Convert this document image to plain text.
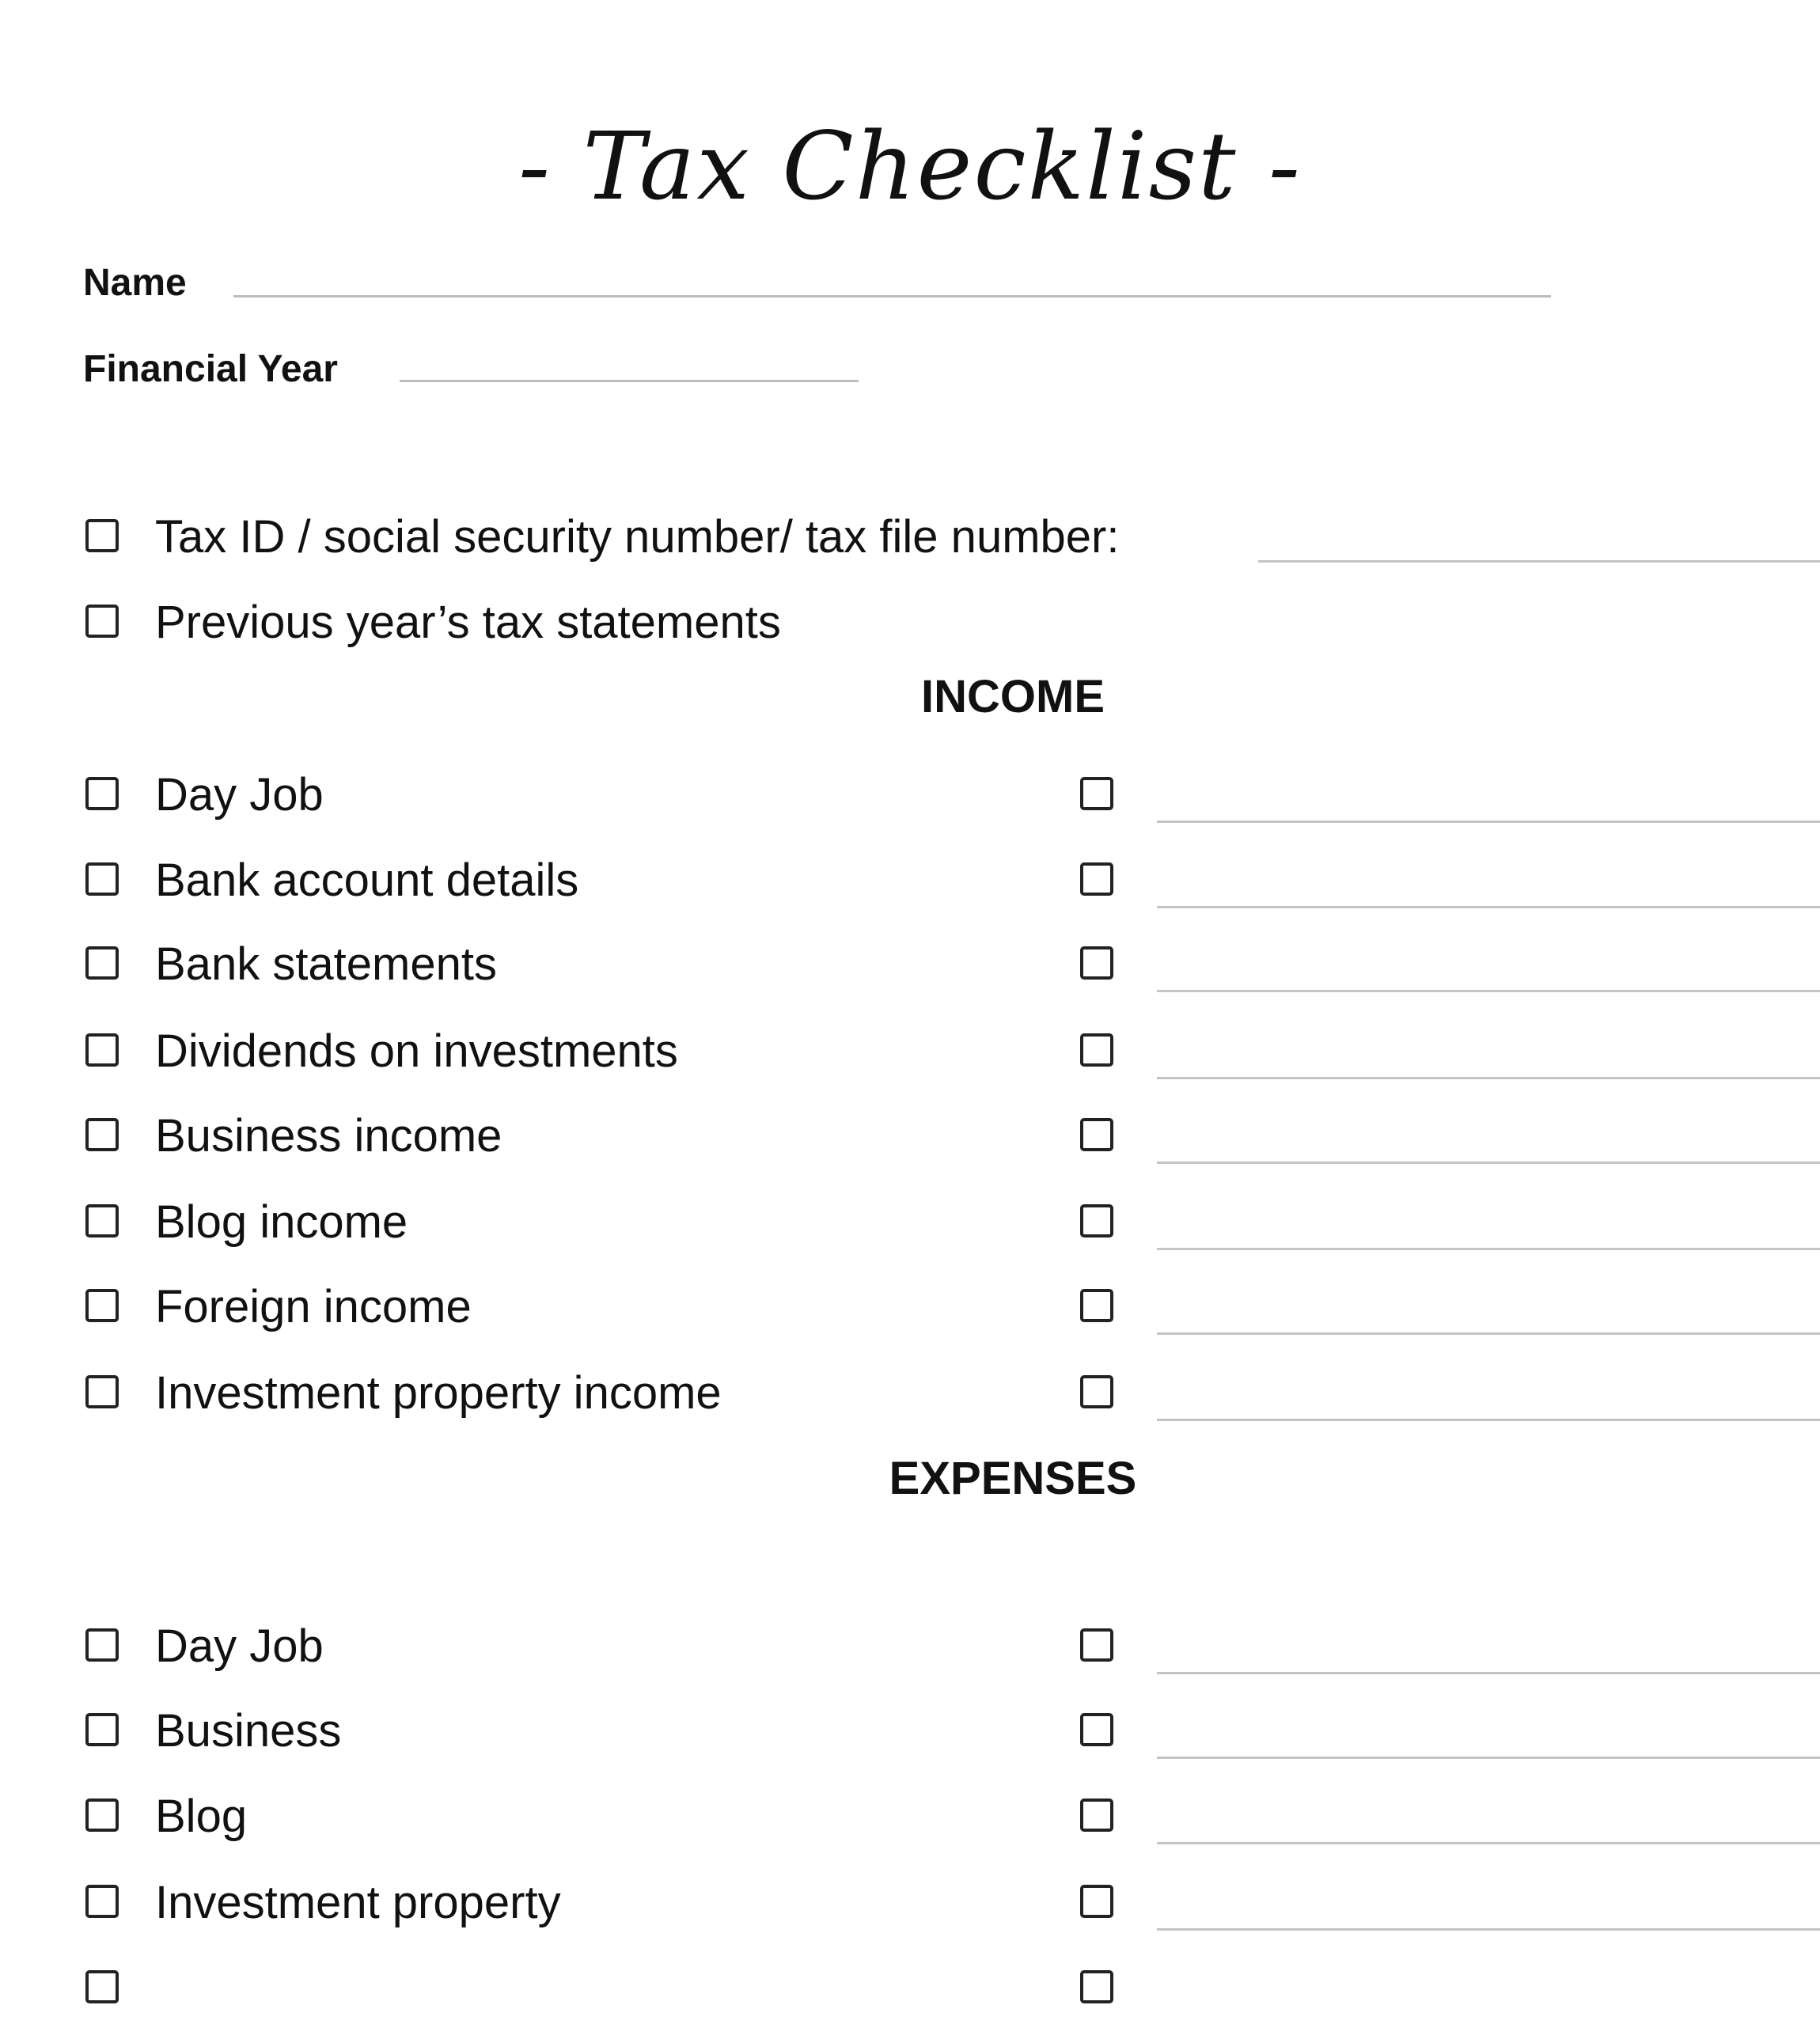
- Tax Checklist -
Name
Financial Year
Tax ID / social security number/ tax file number:
Previous year’s tax statements
INCOME
Day Job
Bank account details
Bank statements
Dividends on investments
Business income
Blog income
Foreign income
Investment property income
EXPENSES
Day Job
Business
Blog
Investment property
